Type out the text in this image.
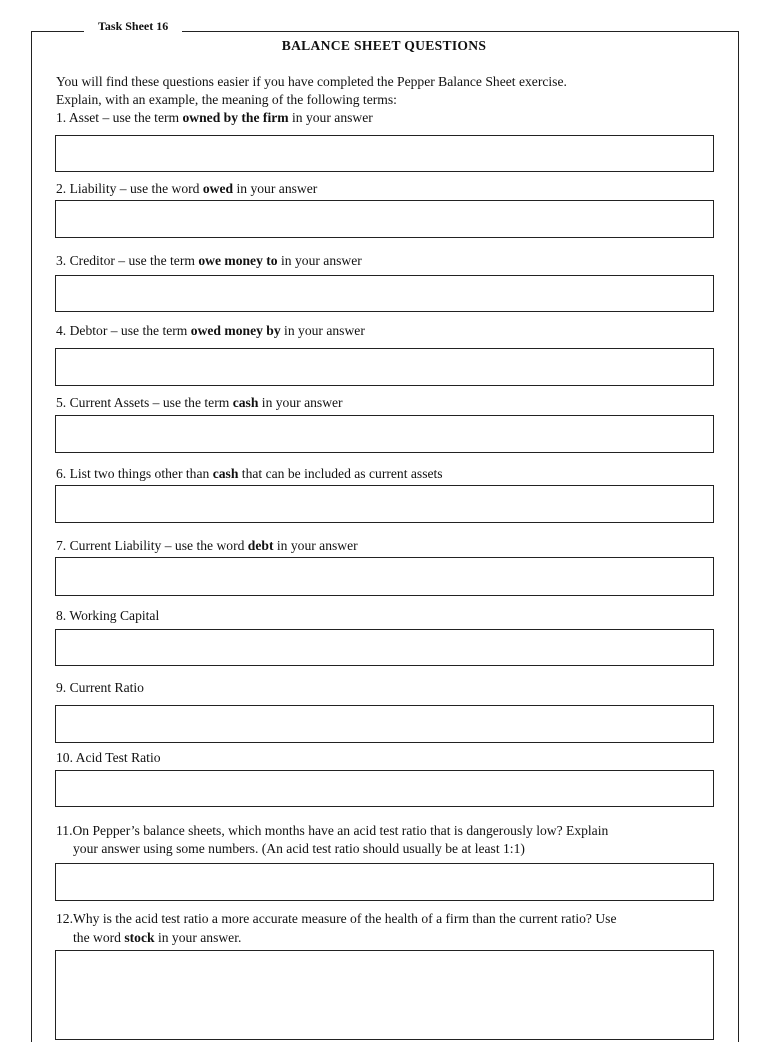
Task Sheet 16
BALANCE SHEET QUESTIONS
You will find these questions easier if you have completed the Pepper Balance Sheet exercise.
Explain, with an example, the meaning of the following terms:
1. Asset – use the term owned by the firm in your answer
2. Liability – use the word owed in your answer
3. Creditor – use the term owe money to in your answer
4. Debtor – use the term owed money by in your answer
5. Current Assets – use the term cash in your answer
6. List two things other than cash that can be included as current assets
7. Current Liability – use the word debt in your answer
8. Working Capital
9. Current Ratio
10. Acid Test Ratio
11.On Pepper’s balance sheets, which months have an acid test ratio that is dangerously low? Explain
your answer using some numbers. (An acid test ratio should usually be at least 1:1)
12.Why is the acid test ratio a more accurate measure of the health of a firm than the current ratio? Use
the word stock in your answer.
